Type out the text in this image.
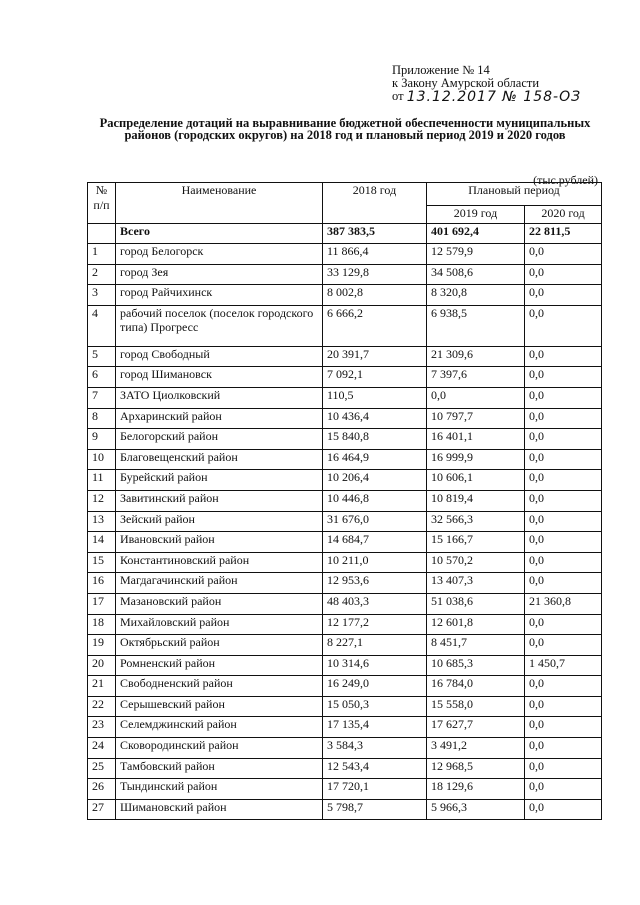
Приложение № 14
к Закону Амурской области
от 13.12.2017 № 158-ОЗ
Распределение дотаций на выравнивание бюджетной обеспеченности муниципальных районов (городских округов) на 2018 год и плановый период 2019 и 2020 годов
(тыс.рублей)
№ п/п	Наименование	2018 год	Плановый период	
			2019 год	2020 год
	Всего	387 383,5	401 692,4	22 811,5
1	город Белогорск	11 866,4	12 579,9	0,0
2	город Зея	33 129,8	34 508,6	0,0
3	город Райчихинск	8 002,8	8 320,8	0,0
4	рабочий поселок (поселок городского типа) Прогресс	6 666,2	6 938,5	0,0
5	город Свободный	20 391,7	21 309,6	0,0
6	город Шимановск	7 092,1	7 397,6	0,0
7	ЗАТО Циолковский	110,5	0,0	0,0
8	Архаринский район	10 436,4	10 797,7	0,0
9	Белогорский район	15 840,8	16 401,1	0,0
10	Благовещенский район	16 464,9	16 999,9	0,0
11	Бурейский район	10 206,4	10 606,1	0,0
12	Завитинский район	10 446,8	10 819,4	0,0
13	Зейский район	31 676,0	32 566,3	0,0
14	Ивановский район	14 684,7	15 166,7	0,0
15	Константиновский район	10 211,0	10 570,2	0,0
16	Магдагачинский район	12 953,6	13 407,3	0,0
17	Мазановский район	48 403,3	51 038,6	21 360,8
18	Михайловский район	12 177,2	12 601,8	0,0
19	Октябрьский район	8 227,1	8 451,7	0,0
20	Ромненский район	10 314,6	10 685,3	1 450,7
21	Свободненский район	16 249,0	16 784,0	0,0
22	Серышевский район	15 050,3	15 558,0	0,0
23	Селемджинский район	17 135,4	17 627,7	0,0
24	Сковородинский район	3 584,3	3 491,2	0,0
25	Тамбовский район	12 543,4	12 968,5	0,0
26	Тындинский район	17 720,1	18 129,6	0,0
27	Шимановский район	5 798,7	5 966,3	0,0
